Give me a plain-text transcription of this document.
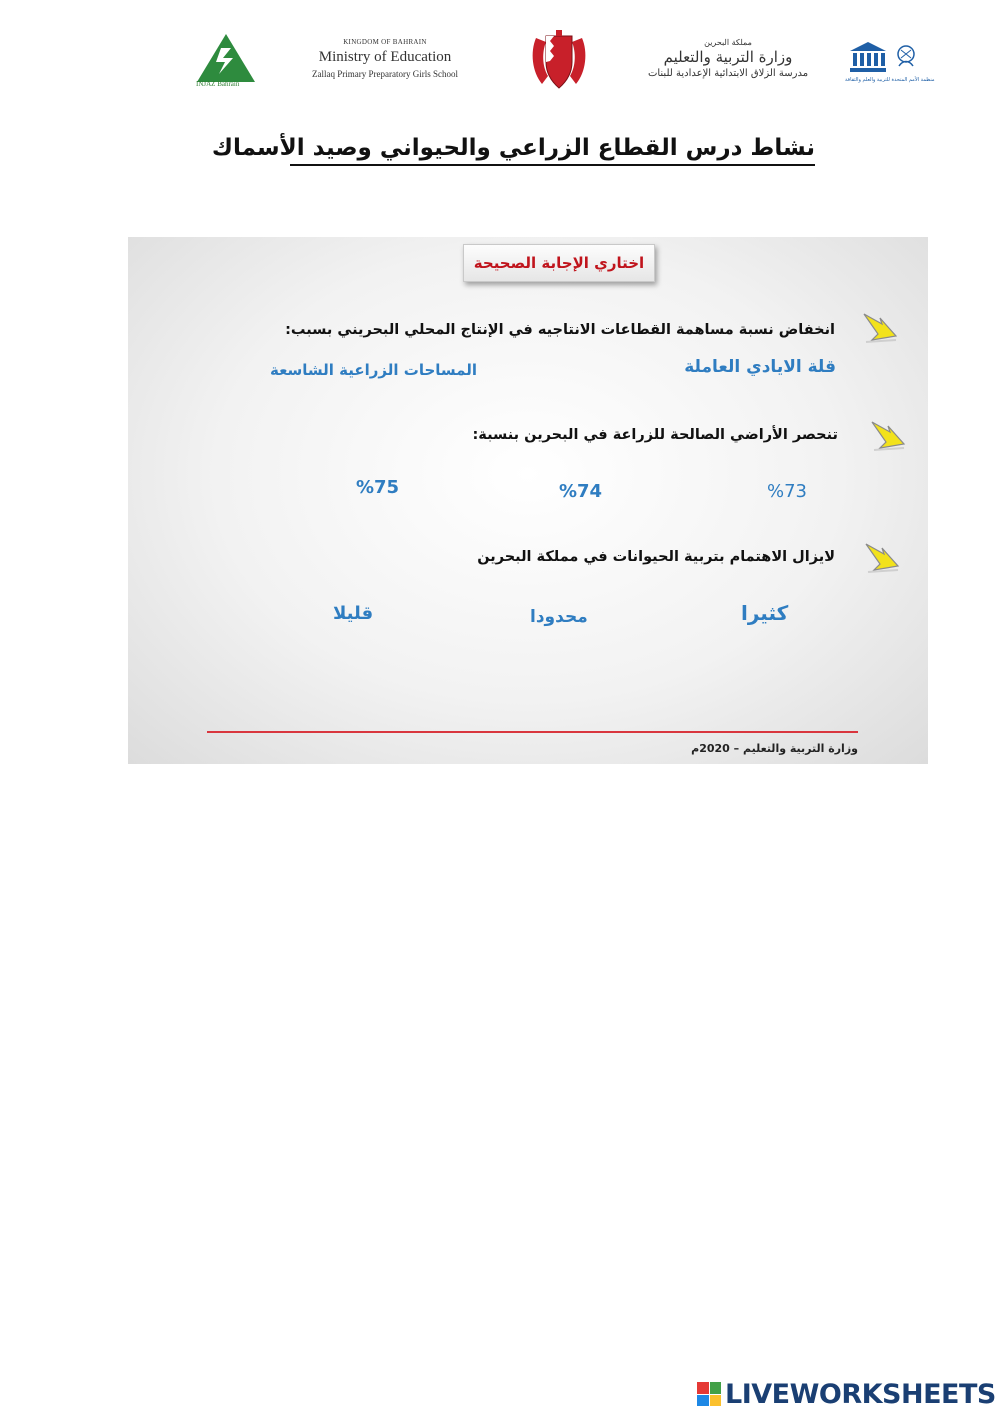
INJAZ Bahrain
KINGDOM OF BAHRAIN
Ministry of Education
Zallaq Primary Preparatory Girls School
مملكة البحرين
وزارة التربية والتعليم
مدرسة الزلاق الابتدائية الإعدادية للبنات
منظمة الأمم المتحدة للتربية والعلم والثقافة
نشاط درس القطاع الزراعي والحيواني وصيد الأسماك
اختاري الإجابة الصحيحة
انخفاض نسبة مساهمة القطاعات الانتاجيه في الإنتاج المحلي البحريني بسبب:
قلة الايادي العاملة
المساحات الزراعية الشاسعة
تنحصر الأراضي الصالحة للزراعة في البحرين بنسبة:
%73
%74
%75
لايزال الاهتمام بتربية الحيوانات في مملكة البحرين
كثيرا
محدودا
قليلا
وزارة التربية والتعليم – 2020م
LIVEWORKSHEETS
